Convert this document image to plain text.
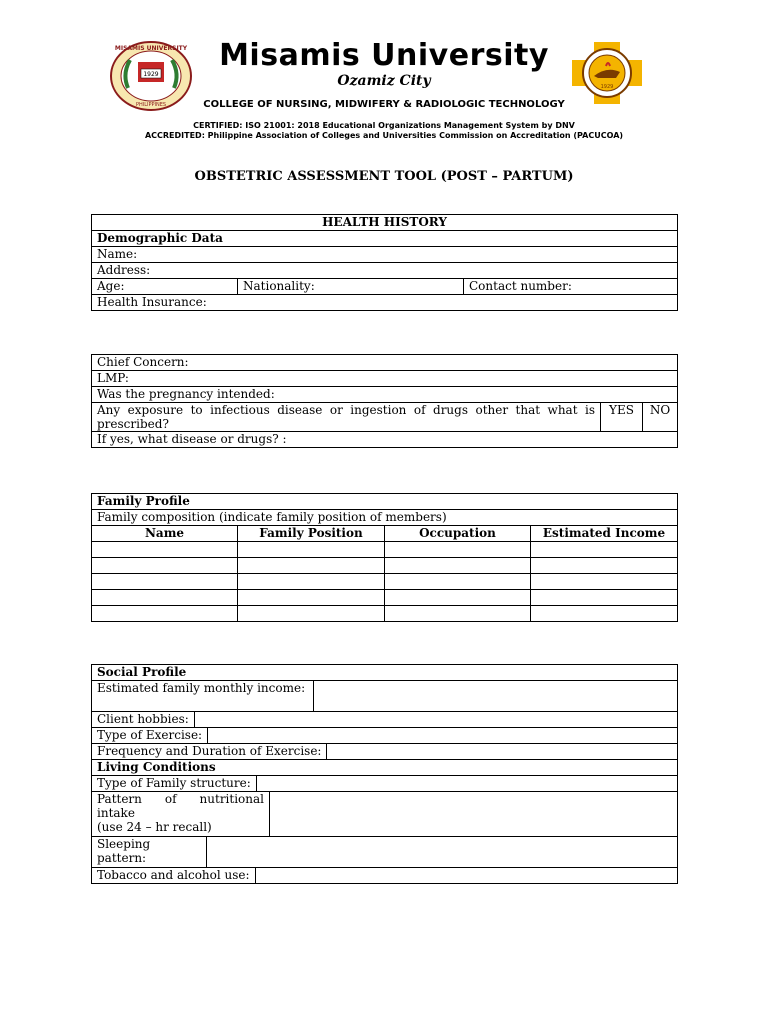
1929
MISAMIS UNIVERSITY
PHILIPPINES
1929
Misamis University
Ozamiz City
COLLEGE OF NURSING, MIDWIFERY & RADIOLOGIC TECHNOLOGY
CERTIFIED: ISO 21001: 2018 Educational Organizations Management System by DNV
ACCREDITED: Philippine Association of Colleges and Universities Commission on Accreditation (PACUCOA)
OBSTETRIC ASSESSMENT TOOL (POST – PARTUM)
HEALTH HISTORY
Demographic Data
Name:
Address:
Age:	Nationality:	Contact number:
Health Insurance:
Chief Concern:
LMP:
Was the pregnancy intended:
Any exposure to infectious disease or ingestion of drugs other that what is prescribed?	YES	NO
If yes, what disease or drugs? :
Family Profile			
Family composition (indicate family position of members)			
Name	Family Position	Occupation	Estimated Income

Social Profile

Estimated family monthly income:

Client hobbies:

Type of Exercise:

Frequency and Duration of Exercise:

Living Conditions

Type of Family structure:

Pattern of nutritional
intake
(use 24 – hr recall)

Sleeping
pattern:

Tobacco and alcohol use:
